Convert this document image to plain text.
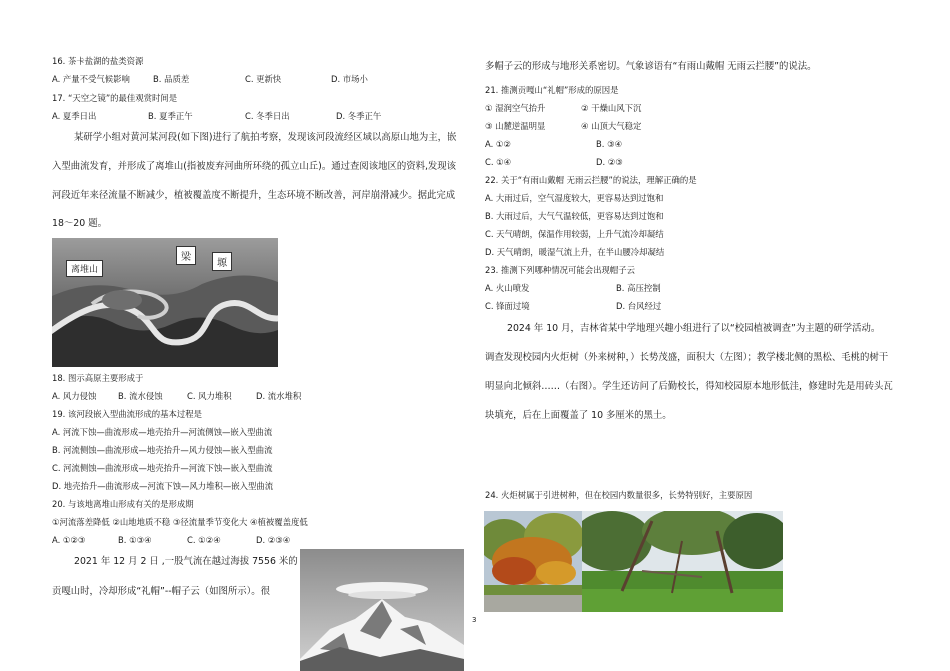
16. 茶卡盐湖的盐类资源
A. 产量不受气候影响	B. 品质差	C. 更新快	D. 市场小
17. “天空之镜”的最佳观赏时间是
A. 夏季日出	B. 夏季正午	C. 冬季日出	D. 冬季正午
某研学小组对黄河某河段(如下图)进行了航拍考察，发现该河段流经区域以高原山地为主，嵌
入型曲流发育，并形成了离堆山(指被废弃河曲所环绕的孤立山丘)。通过查阅该地区的资料,发现该
河段近年来径流量不断减少，植被覆盖度不断提升，生态环境不断改善，河岸崩滑减少。据此完成
18～20 题。
离堆山
梁
塬
18. 图示高原主要形成于
A. 风力侵蚀	B. 流水侵蚀	C. 风力堆积	D. 流水堆积
19. 该河段嵌入型曲流形成的基本过程是
A. 河流下蚀—曲流形成—地壳抬升—河流侧蚀—嵌入型曲流
B. 河流侧蚀—曲流形成—地壳抬升—风力侵蚀—嵌入型曲流
C. 河流侧蚀—曲流形成—地壳抬升—河流下蚀—嵌入型曲流
D. 地壳抬升—曲流形成—河流下蚀—风力堆积—嵌入型曲流
20. 与该地离堆山形成有关的是形成期
①河流落差降低 ②山地地质不稳 ③径流量季节变化大 ④植被覆盖度低
A. ①②③	B. ①③④	C. ①②④	D. ②③④
2021 年 12 月 2 日 ,一股气流在越过海拔 7556 米的
贡嘎山时，冷却形成“礼帽”--帽子云（如图所示）。很
多帽子云的形成与地形关系密切。气象谚语有“有雨山戴帽 无雨云拦腰”的说法。
21. 推测贡嘎山“礼帽”形成的原因是
① 湿润空气抬升	② 干燥山风下沉
③ 山麓逆温明显	④ 山顶大气稳定
A. ①②	B. ③④
C. ①④	D. ②③
22. 关于“有雨山戴帽 无雨云拦腰”的说法，理解正确的是
A. 大雨过后，空气湿度较大，更容易达到过饱和
B. 大雨过后，大气气温较低，更容易达到过饱和
C. 天气晴朗，保温作用较弱，上升气流冷却凝结
D. 天气晴朗，暖湿气流上升，在半山腰冷却凝结
23. 推测下列哪种情况可能会出现帽子云
A. 火山喷发	B. 高压控制
C. 锋面过境	D. 台风经过
2024 年 10 月，吉林省某中学地理兴趣小组进行了以“校园植被调查”为主题的研学活动。
调查发现校园内火炬树（外来树种，）长势茂盛，面积大（左图）；教学楼北侧的黑松、毛桃的树干
明显向北倾斜……（右图）。学生还访问了后勤校长，得知校园原本地形低洼，修建时先是用砖头瓦
块填充，后在上面覆盖了 10 多厘米的黑土。
24. 火炬树属于引进树种，但在校园内数量很多，长势特别好，主要原因
3
